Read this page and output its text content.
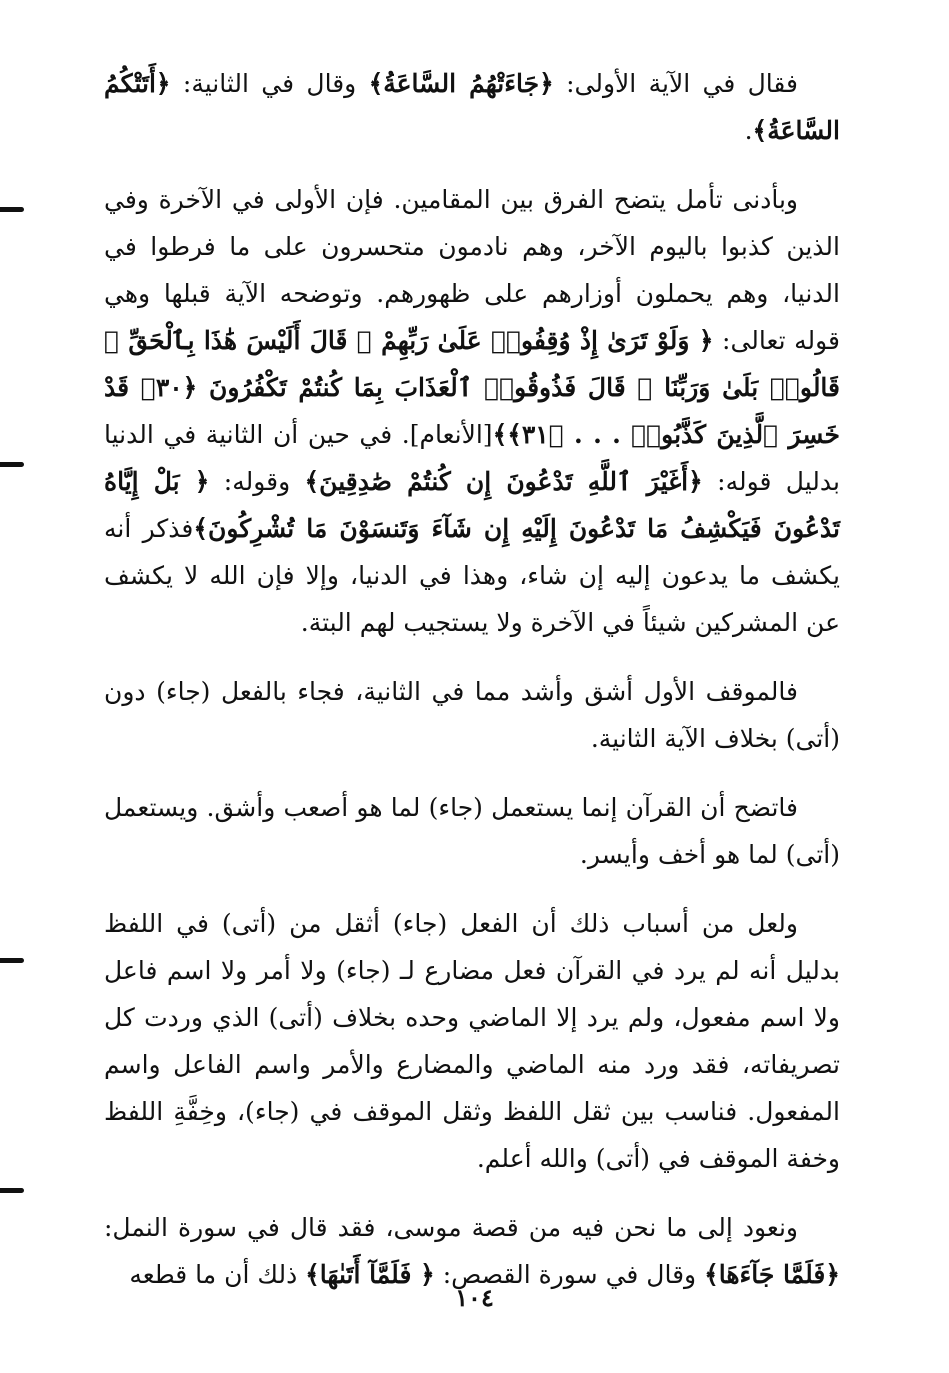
فقال في الآية الأولى: ﴿جَاءَتْهُمُ السَّاعَةُ﴾ وقال في الثانية: ﴿أَتَتْكُمُ السَّاعَةُ﴾.

وبأدنى تأمل يتضح الفرق بين المقامين. فإن الأولى في الآخرة وفي الذين كذبوا باليوم الآخر، وهم نادمون متحسرون على ما فرطوا في الدنيا، وهم يحملون أوزارهم على ظهورهم. وتوضحه الآية قبلها وهي قوله تعالى: ﴿ وَلَوْ تَرَىٰ إِذْ وُقِفُوا۟ عَلَىٰ رَبِّهِمْ ۚ قَالَ أَلَيْسَ هَٰذَا بِٱلْحَقِّ ۚ قَالُوا۟ بَلَىٰ وَرَبِّنَا ۚ قَالَ فَذُوقُوا۟ ٱلْعَذَابَ بِمَا كُنتُمْ تَكْفُرُونَ ﴿٣٠﴾ قَدْ خَسِرَ ٱلَّذِينَ كَذَّبُوا۟ . . . ﴿٣١﴾﴾[الأنعام]. في حين أن الثانية في الدنيا بدليل قوله: ﴿أَغَيْرَ ٱللَّهِ تَدْعُونَ إِن كُنتُمْ صَٰدِقِينَ﴾ وقوله: ﴿ بَلْ إِيَّاهُ تَدْعُونَ فَيَكْشِفُ مَا تَدْعُونَ إِلَيْهِ إِن شَآءَ وَتَنسَوْنَ مَا تُشْرِكُونَ﴾فذكر أنه يكشف ما يدعون إليه إن شاء، وهذا في الدنيا، وإلا فإن الله لا يكشف عن المشركين شيئاً في الآخرة ولا يستجيب لهم البتة.

فالموقف الأول أشق وأشد مما في الثانية، فجاء بالفعل (جاء) دون (أتى) بخلاف الآية الثانية.

فاتضح أن القرآن إنما يستعمل (جاء) لما هو أصعب وأشق. ويستعمل (أتى) لما هو أخف وأيسر.

ولعل من أسباب ذلك أن الفعل (جاء) أثقل من (أتى) في اللفظ بدليل أنه لم يرد في القرآن فعل مضارع لـ (جاء) ولا أمر ولا اسم فاعل ولا اسم مفعول، ولم يرد إلا الماضي وحده بخلاف (أتى) الذي وردت كل تصريفاته، فقد ورد منه الماضي والمضارع والأمر واسم الفاعل واسم المفعول. فناسب بين ثقل اللفظ وثقل الموقف في (جاء)، وخِفَّةِ اللفظ وخفة الموقف في (أتى) والله أعلم.

ونعود إلى ما نحن فيه من قصة موسى، فقد قال في سورة النمل: ﴿فَلَمَّا جَآءَهَا﴾ وقال في سورة القصص: ﴿ فَلَمَّآ أَتَىٰهَا﴾ ذلك أن ما قطعه

١٠٤
